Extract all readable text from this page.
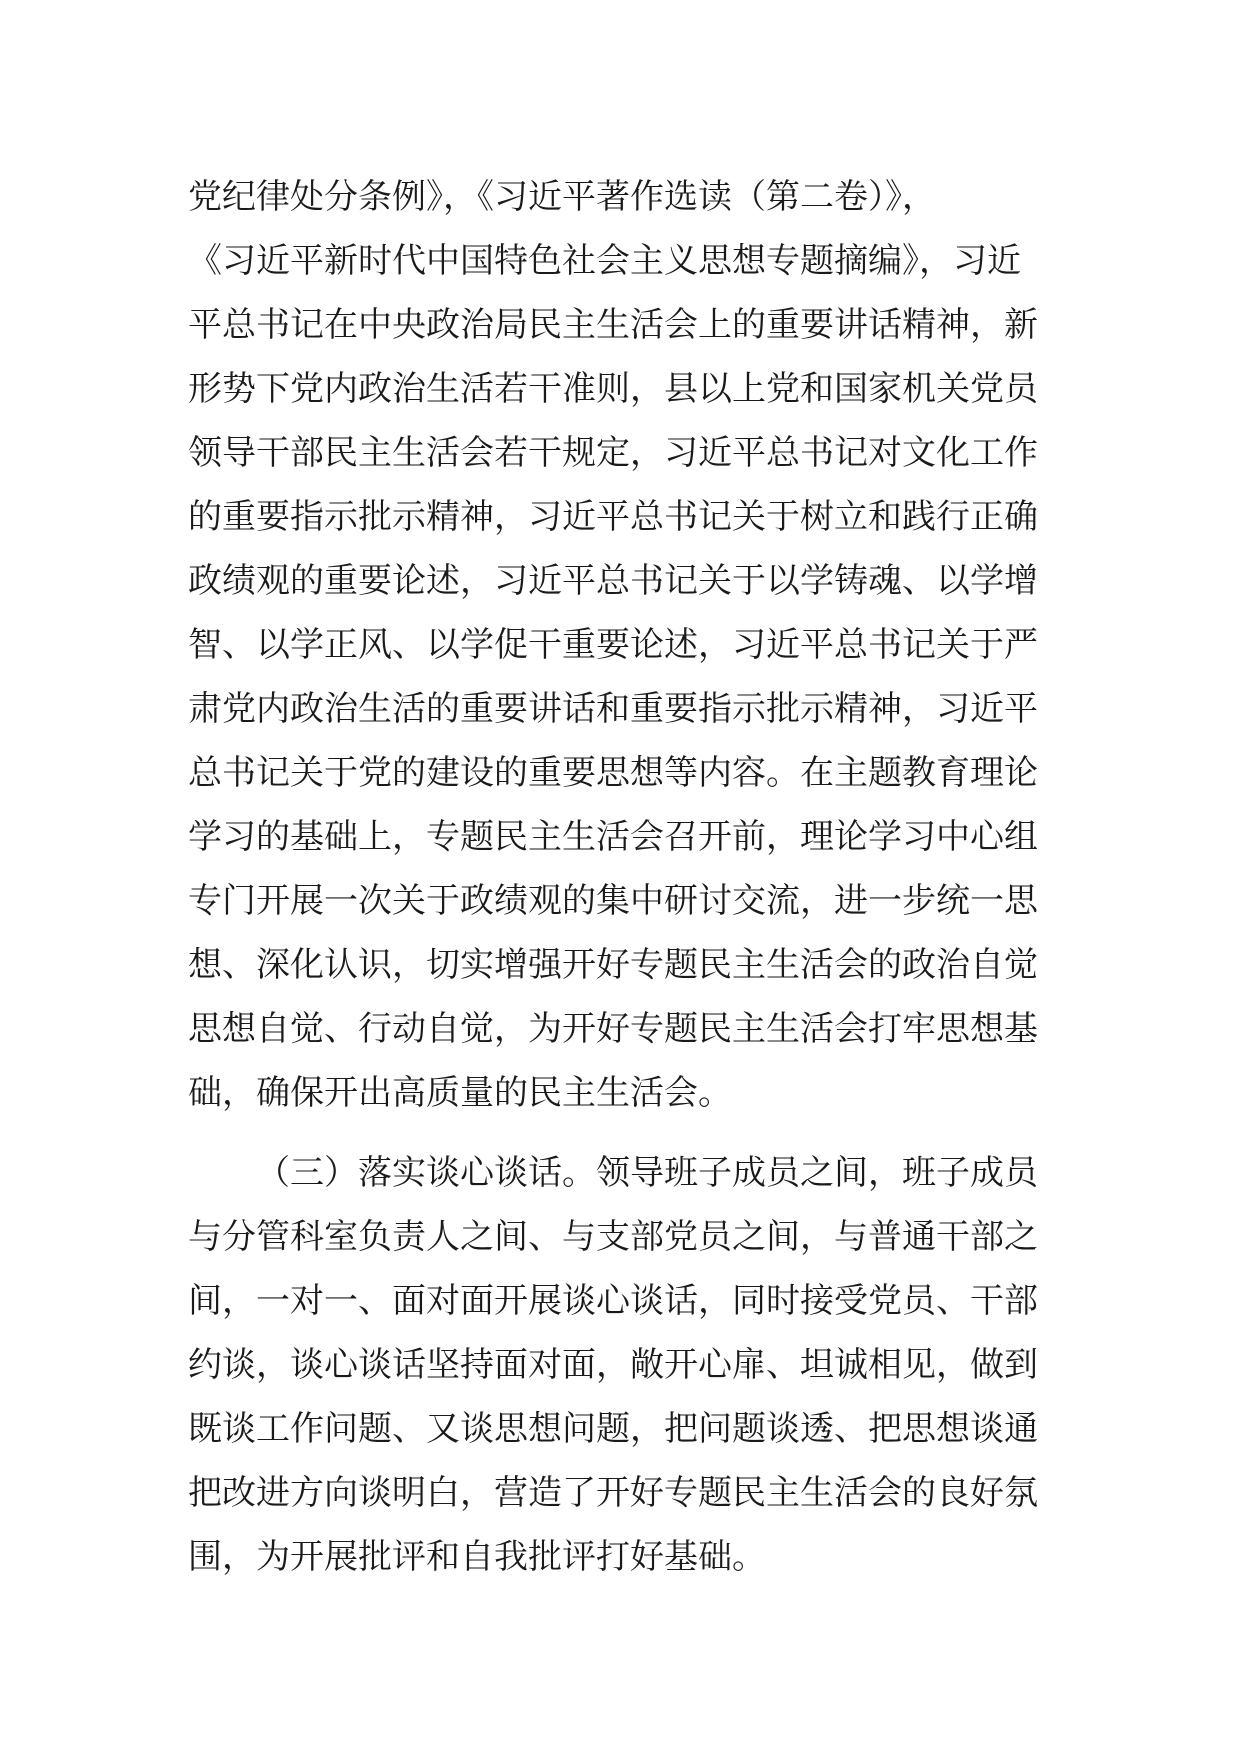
党纪律处分条例》，《习近平著作选读（第二卷）》，
《习近平新时代中国特色社会主义思想专题摘编》，习近
平总书记在中央政治局民主生活会上的重要讲话精神，新
形势下党内政治生活若干准则，县以上党和国家机关党员
领导干部民主生活会若干规定，习近平总书记对文化工作
的重要指示批示精神，习近平总书记关于树立和践行正确
政绩观的重要论述，习近平总书记关于以学铸魂、以学增
智、以学正风、以学促干重要论述，习近平总书记关于严
肃党内政治生活的重要讲话和重要指示批示精神，习近平
总书记关于党的建设的重要思想等内容。在主题教育理论
学习的基础上，专题民主生活会召开前，理论学习中心组
专门开展一次关于政绩观的集中研讨交流，进一步统一思
想、深化认识，切实增强开好专题民主生活会的政治自觉
思想自觉、行动自觉，为开好专题民主生活会打牢思想基
础，确保开出高质量的民主生活会。
（三）落实谈心谈话。领导班子成员之间，班子成员
与分管科室负责人之间、与支部党员之间，与普通干部之
间，一对一、面对面开展谈心谈话，同时接受党员、干部
约谈，谈心谈话坚持面对面，敞开心扉、坦诚相见，做到
既谈工作问题、又谈思想问题，把问题谈透、把思想谈通
把改进方向谈明白，营造了开好专题民主生活会的良好氛
围，为开展批评和自我批评打好基础。
